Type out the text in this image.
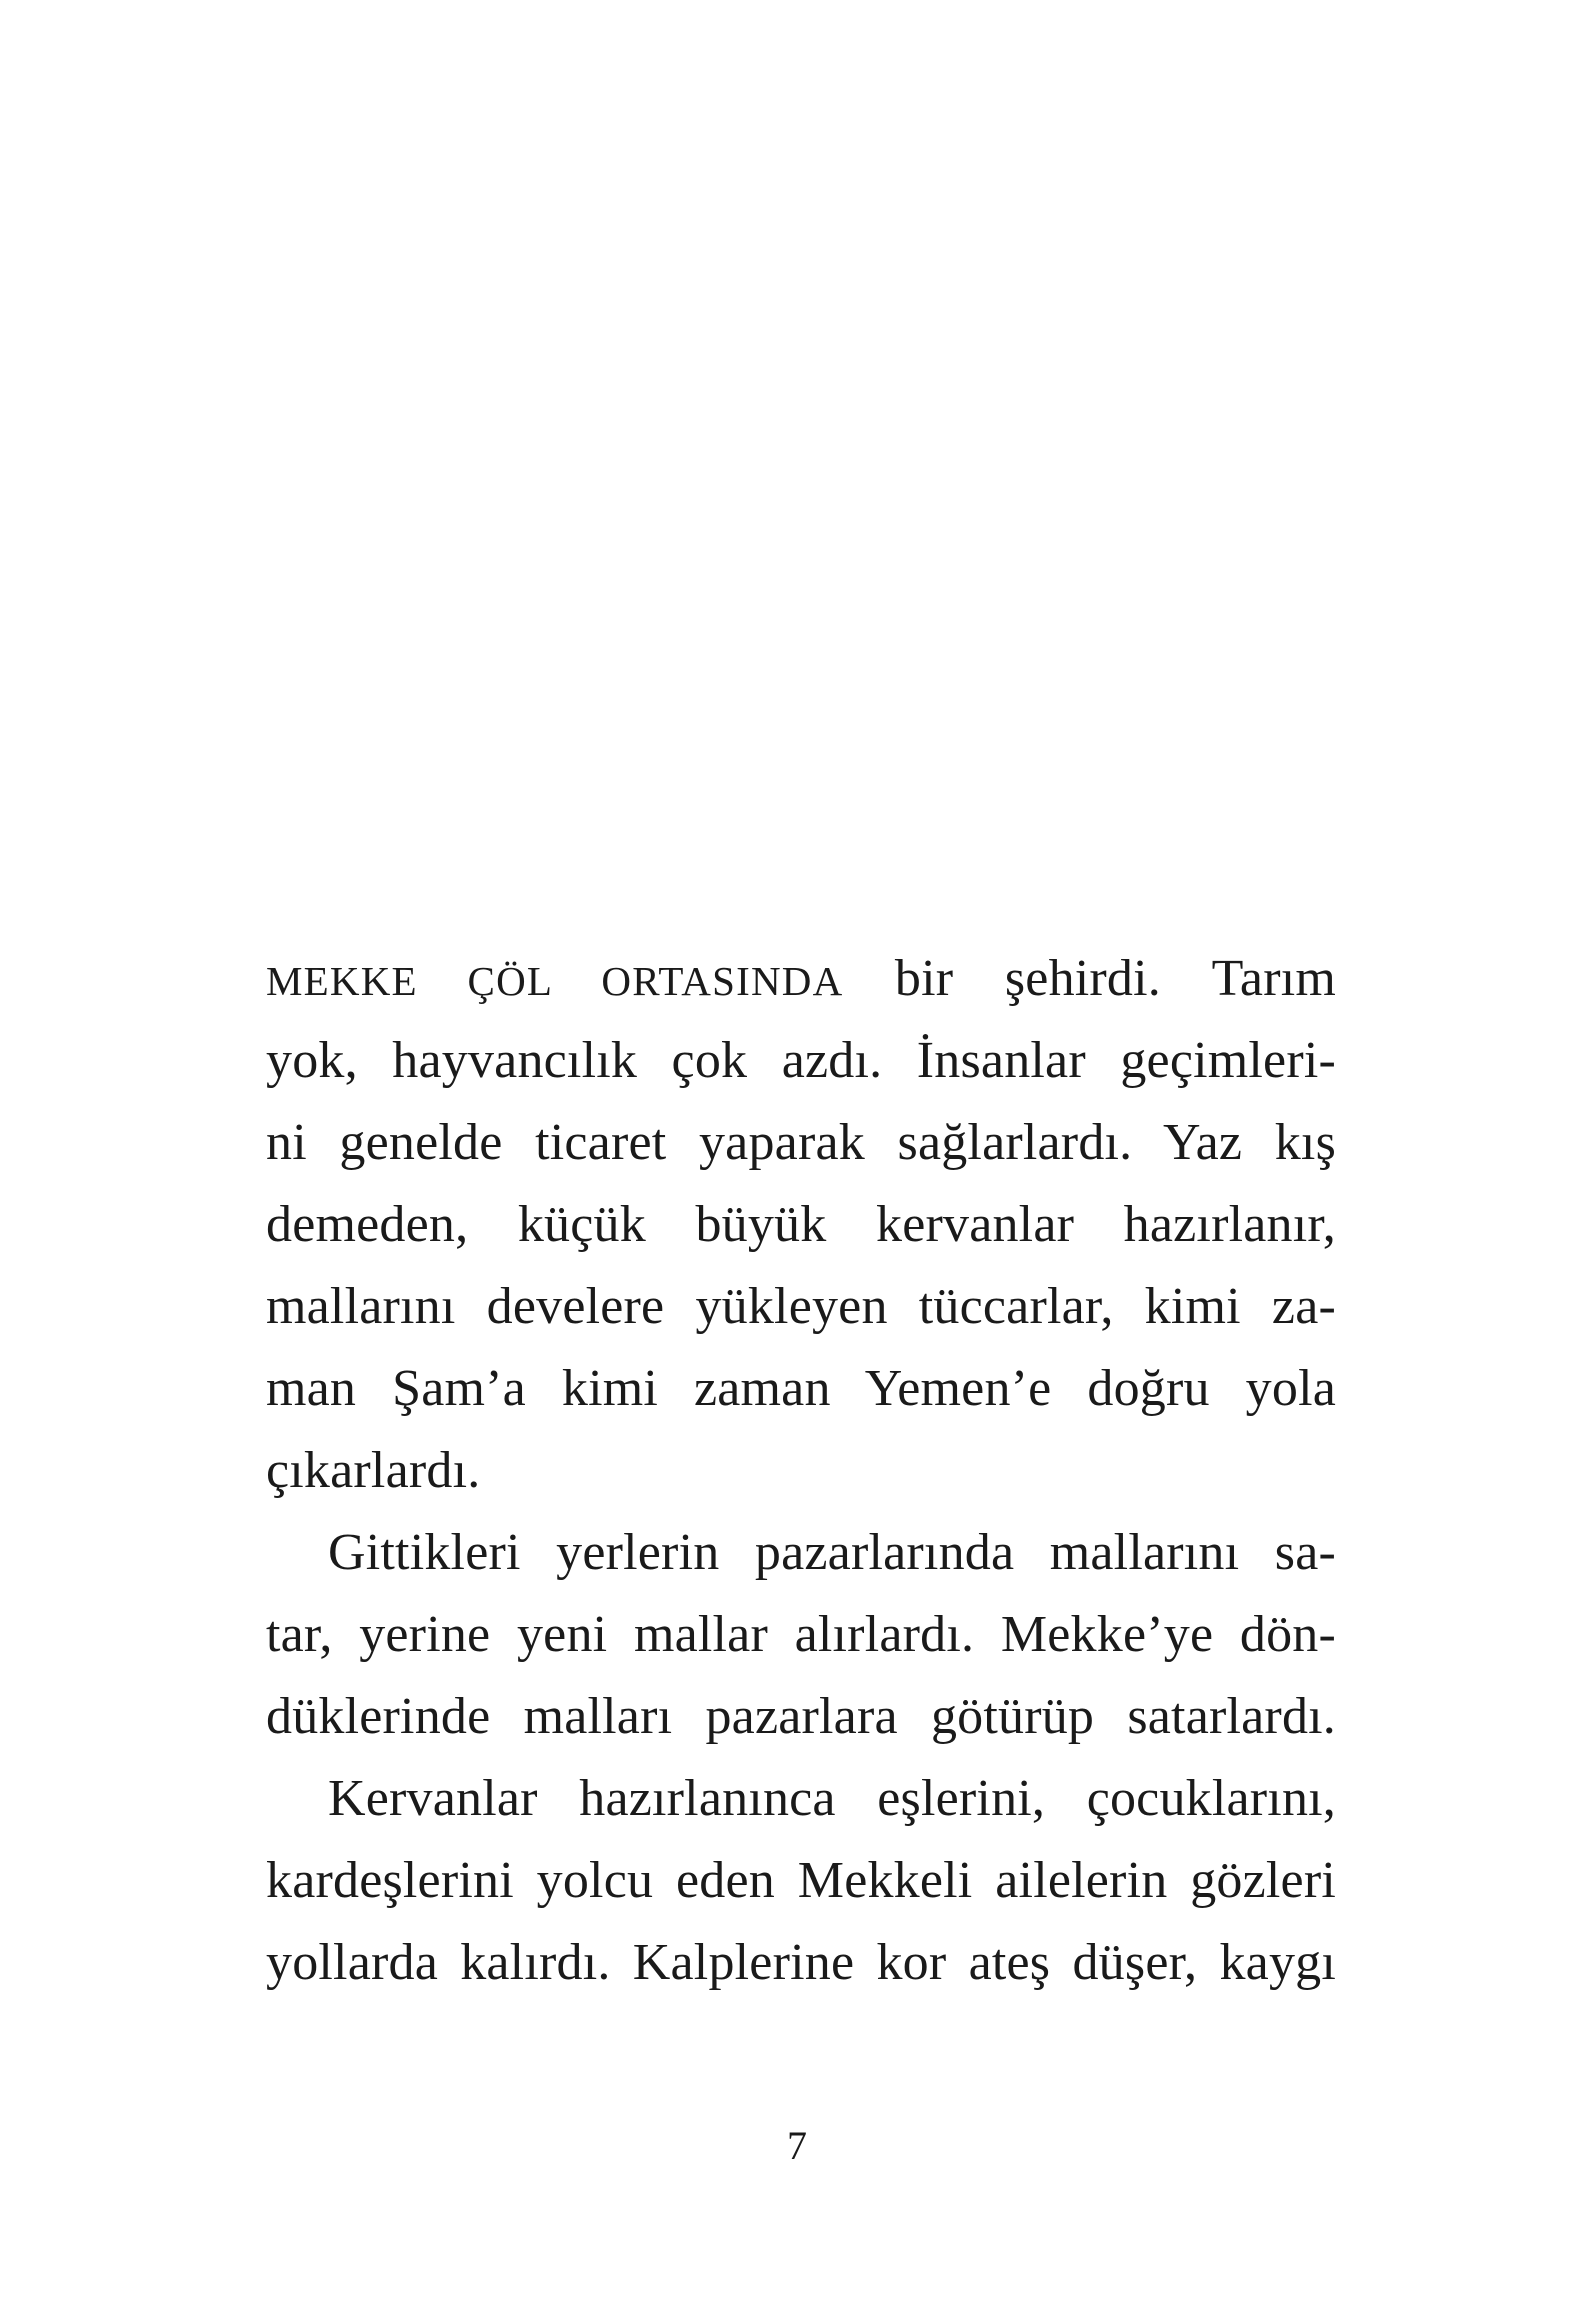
MEKKE ÇÖL ORTASINDA bir şehirdi. Tarım
yok, hayvancılık çok azdı. İnsanlar geçimleri-
ni genelde ticaret yaparak sağlarlardı. Yaz kış
demeden, küçük büyük kervanlar hazırlanır,
mallarını develere yükleyen tüccarlar, kimi za-
man Şam’a kimi zaman Yemen’e doğru yola
çıkarlardı.
Gittikleri yerlerin pazarlarında mallarını sa-
tar, yerine yeni mallar alırlardı. Mekke’ye dön-
düklerinde malları pazarlara götürüp satarlardı.
Kervanlar hazırlanınca eşlerini, çocuklarını,
kardeşlerini yolcu eden Mekkeli ailelerin gözleri
yollarda kalırdı. Kalplerine kor ateş düşer, kaygı
7
